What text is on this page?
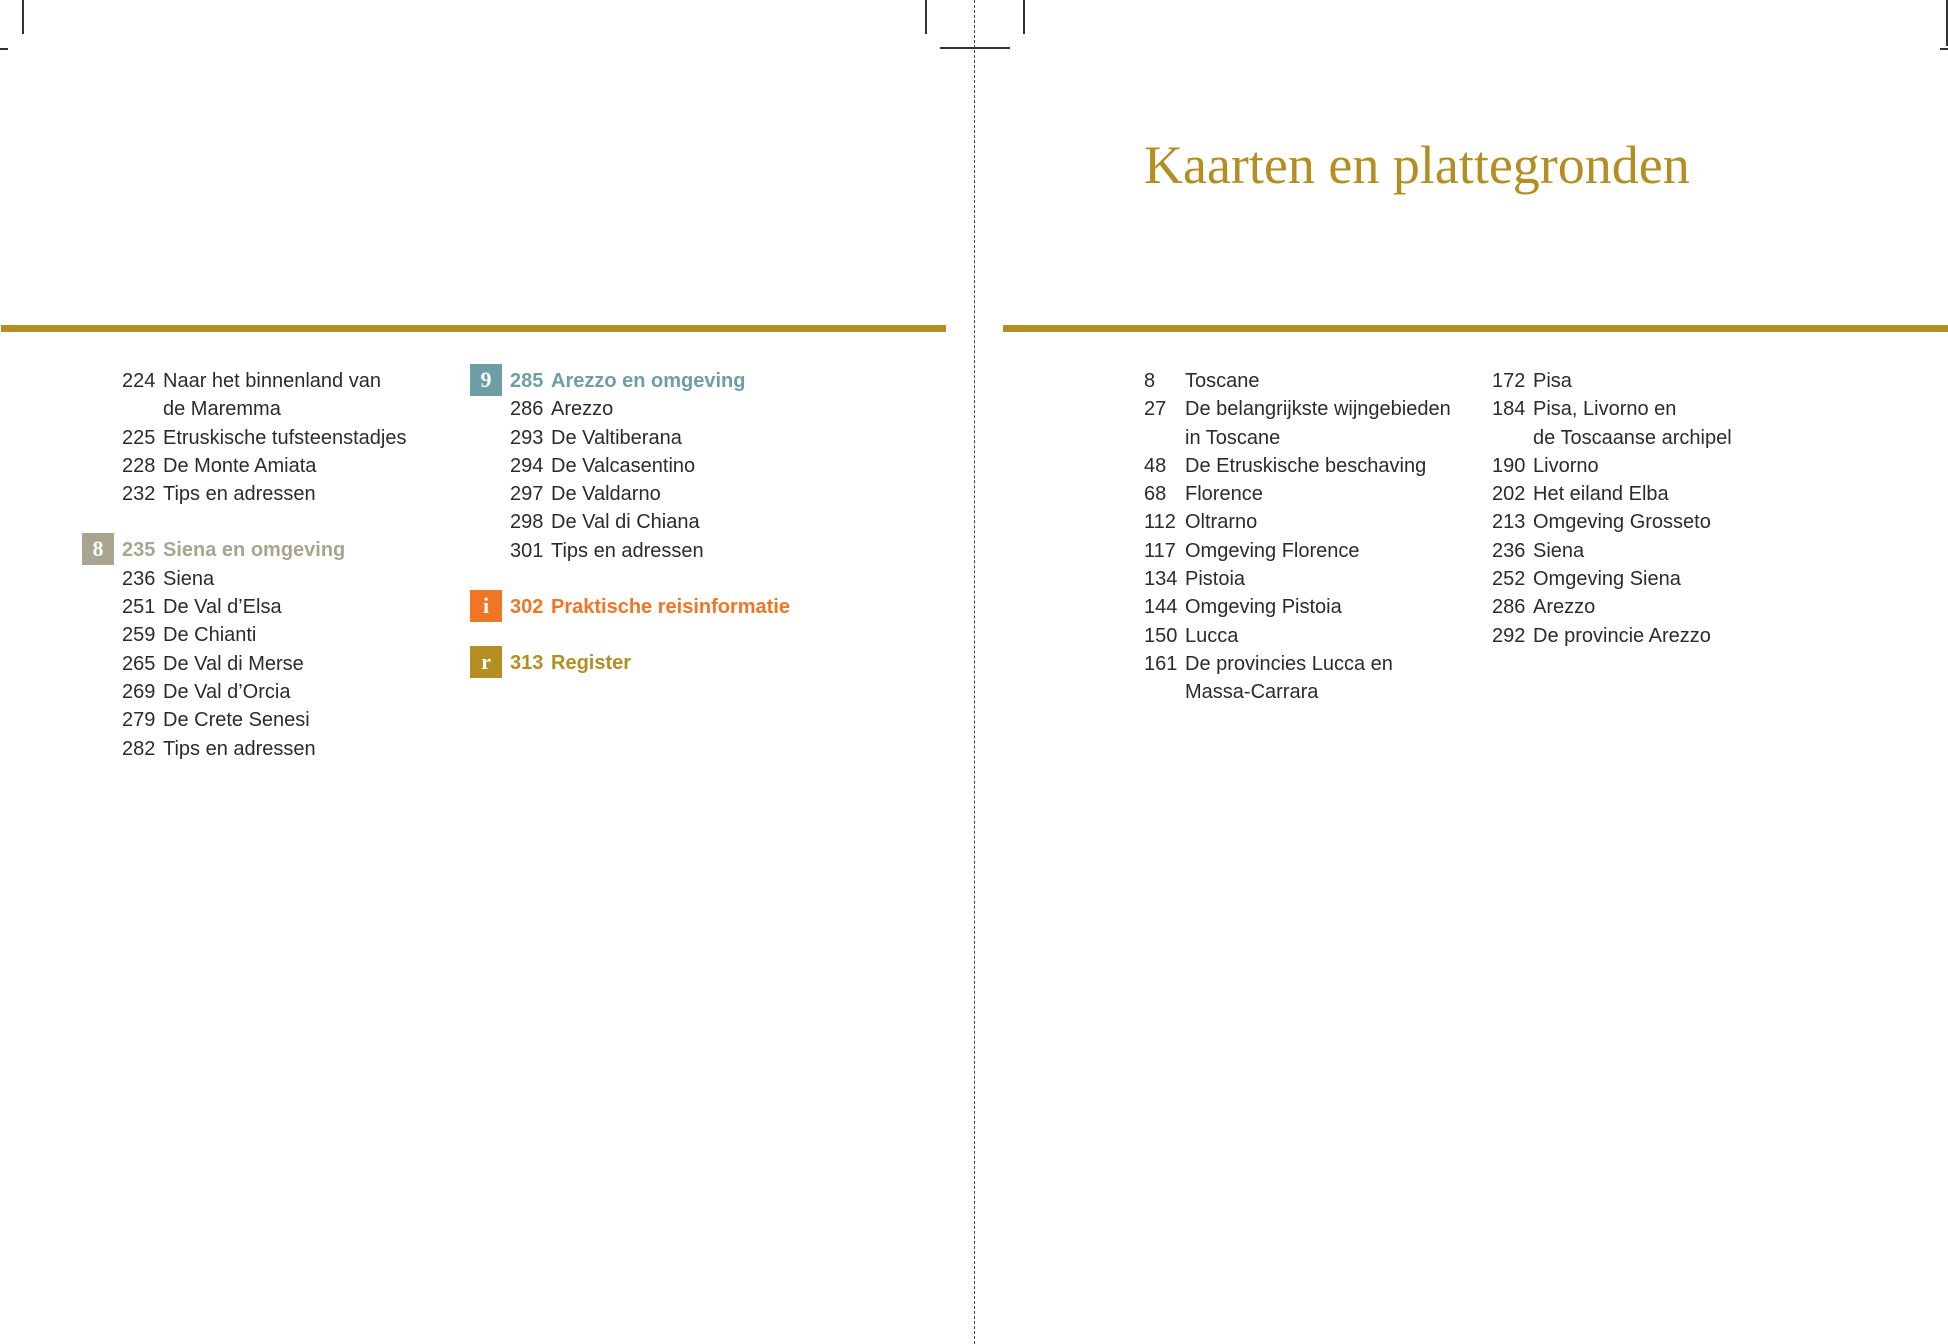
Kaarten en plattegronden
224 Naar het binnenland van
de Maremma
225 Etruskische tufsteenstadjes
228 De Monte Amiata
232 Tips en adressen
8 235 Siena en omgeving
236 Siena
251 De Val d’Elsa
259 De Chianti
265 De Val di Merse
269 De Val d’Orcia
279 De Crete Senesi
282 Tips en adressen
9 285 Arezzo en omgeving
286 Arezzo
293 De Valtiberana
294 De Valcasentino
297 De Valdarno
298 De Val di Chiana
301 Tips en adressen
i	302 Praktische reisinformatie
r 313 Register
8	Toscane
27 De belangrijkste wijngebieden
in Toscane
48 De Etruskische beschaving
68 Florence
112 Oltrarno
117 Omgeving Florence
134 Pistoia
144 Omgeving Pistoia
150 Lucca
161 De provincies Lucca en
Massa-Carrara
172 Pisa
184 Pisa, Livorno en
de Toscaanse archipel
190 Livorno
202 Het eiland Elba
213 Omgeving Grosseto
236 Siena
252 Omgeving Siena
286 Arezzo
292 De provincie Arezzo
